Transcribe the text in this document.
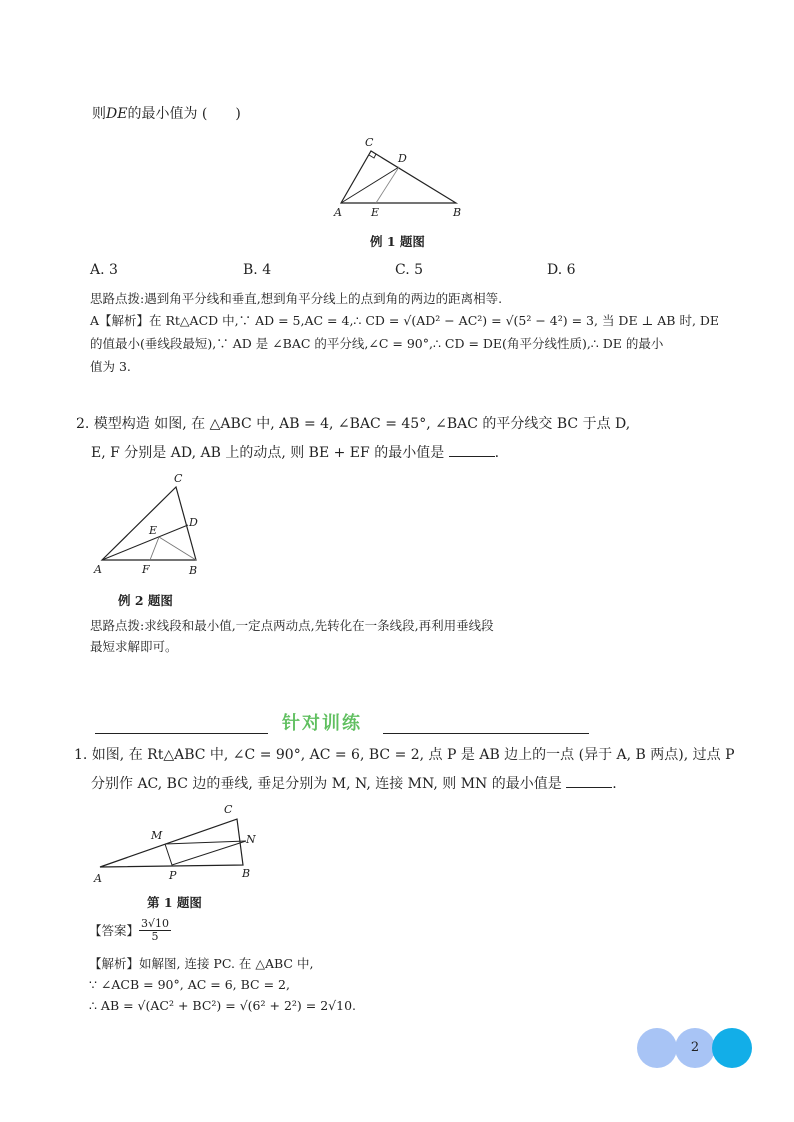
则DE的最小值为 (　　)
C
D
A	E	B
例 1 题图
A. 3	B. 4	C. 5	D. 6
思路点拨:遇到角平分线和垂直,想到角平分线上的点到角的两边的距离相等.
A【解析】在 Rt△ACD 中,∵ AD = 5,AC = 4,∴ CD = √(AD² − AC²) = √(5² − 4²) = 3, 当 DE ⊥ AB 时, DE
的值最小(垂线段最短),∵ AD 是 ∠BAC 的平分线,∠C = 90°,∴ CD = DE(角平分线性质),∴ DE 的最小
值为 3.
2. 模型构造 如图, 在 △ABC 中, AB = 4, ∠BAC = 45°, ∠BAC 的平分线交 BC 于点 D,
E, F 分别是 AD, AB 上的动点, 则 BE + EF 的最小值是	.
C
D
E
A	F	B
例 2 题图
思路点拨:求线段和最小值,一定点两动点,先转化在一条线段,再利用垂线段
最短求解即可。
针对训练
1. 如图, 在 Rt△ABC 中, ∠C = 90°, AC = 6, BC = 2, 点 P 是 AB 边上的一点 (异于 A, B 两点), 过点 P
分别作 AC, BC 边的垂线, 垂足分别为 M, N, 连接 MN, 则 MN 的最小值是	.
C
M	N
A	P	B
第 1 题图
【答案】 $\frac{3√10}{5}$
【解析】如解图, 连接 PC. 在 △ABC 中,
∵ ∠ACB = 90°, AC = 6, BC = 2,
∴ AB = √(AC² + BC²) = √(6² + 2²) = 2√10.
2
